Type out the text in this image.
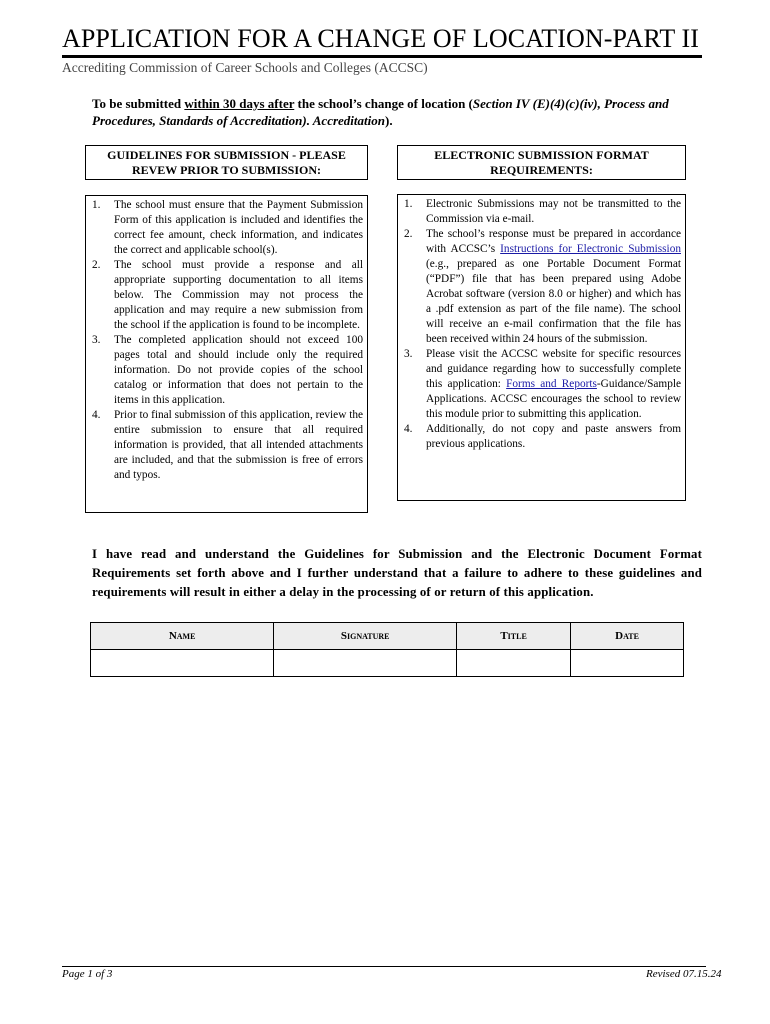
APPLICATION FOR A CHANGE OF LOCATION-PART II
Accrediting Commission of Career Schools and Colleges (ACCSC)
To be submitted within 30 days after the school’s change of location (Section IV (E)(4)(c)(iv), Process and Procedures, Standards of Accreditation). Accreditation).
GUIDELINES FOR SUBMISSION - PLEASE REVEW PRIOR TO SUBMISSION:
1. The school must ensure that the Payment Submission Form of this application is included and identifies the correct fee amount, check information, and indicates the correct and applicable school(s).
2. The school must provide a response and all appropriate supporting documentation to all items below. The Commission may not process the application and may require a new submission from the school if the application is found to be incomplete.
3. The completed application should not exceed 100 pages total and should include only the required information. Do not provide copies of the school catalog or information that does not pertain to the items in this application.
4. Prior to final submission of this application, review the entire submission to ensure that all required information is provided, that all intended attachments are included, and that the submission is free of errors and typos.
ELECTRONIC SUBMISSION FORMAT REQUIREMENTS:
1. Electronic Submissions may not be transmitted to the Commission via e-mail.
2. The school’s response must be prepared in accordance with ACCSC’s Instructions for Electronic Submission (e.g., prepared as one Portable Document Format (“PDF”) file that has been prepared using Adobe Acrobat software (version 8.0 or higher) and which has a .pdf extension as part of the file name). The school will receive an e-mail confirmation that the file has been received within 24 hours of the submission.
3. Please visit the ACCSC website for specific resources and guidance regarding how to successfully complete this application: Forms and Reports-Guidance/Sample Applications. ACCSC encourages the school to review this module prior to submitting this application.
4. Additionally, do not copy and paste answers from previous applications.
I have read and understand the Guidelines for Submission and the Electronic Document Format Requirements set forth above and I further understand that a failure to adhere to these guidelines and requirements will result in either a delay in the processing of or return of this application.
Name	Signature	Title	Date

Page 1 of 3	Revised 07.15.24
